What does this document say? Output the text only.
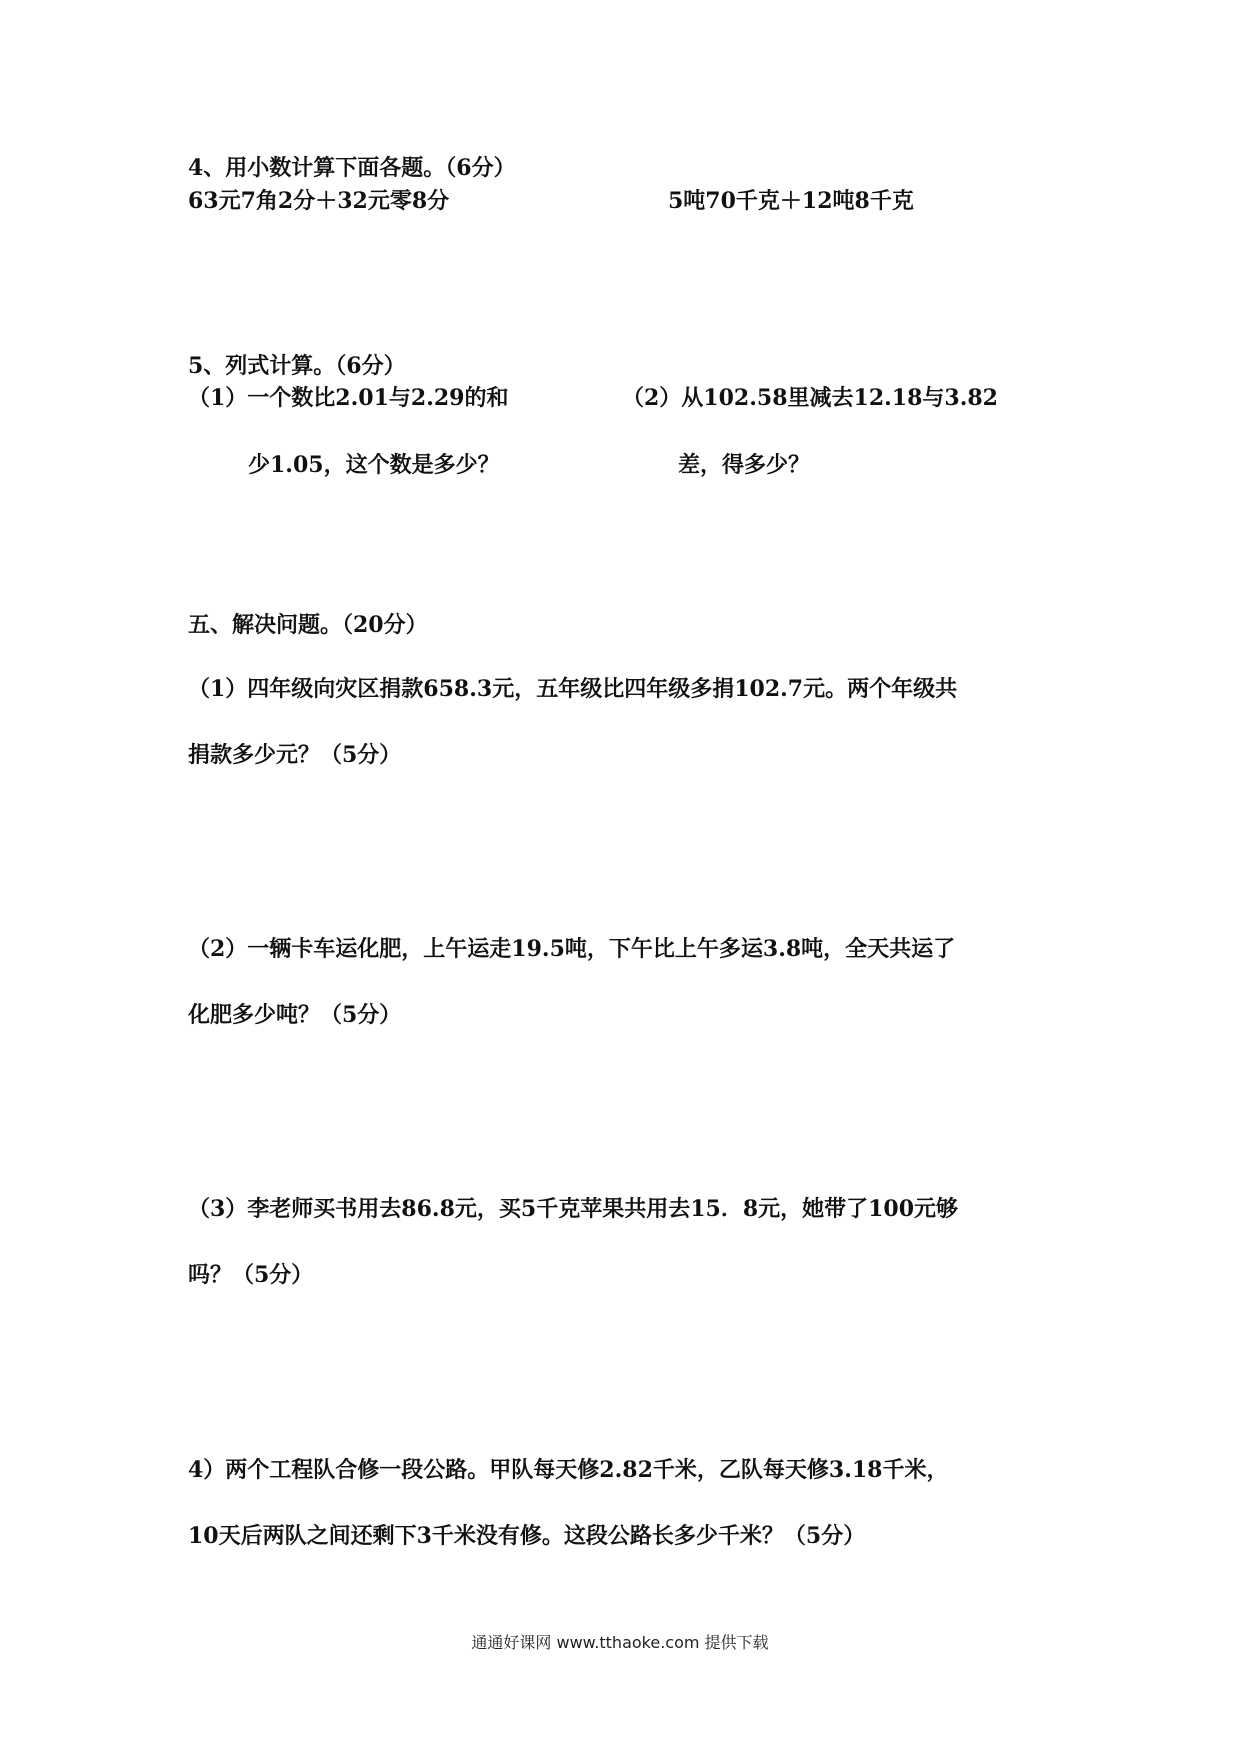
4、用小数计算下面各题。（6分）
63元7角2分＋32元零8分	5吨70千克＋12吨8千克
5、列式计算。（6分）
（1）一个数比2.01与2.29的和	（2）从102.58里减去12.18与3.82
少1.05，这个数是多少？	差，得多少？
五、解决问题。（20分）
（1）四年级向灾区捐款658.3元，五年级比四年级多捐102.7元。两个年级共
捐款多少元？（5分）
（2）一辆卡车运化肥，上午运走19.5吨，下午比上午多运3.8吨，全天共运了
化肥多少吨？（5分）
（3）李老师买书用去86.8元，买5千克苹果共用去15．8元，她带了100元够
吗？（5分）
4）两个工程队合修一段公路。甲队每天修2.82千米，乙队每天修3.18千米，
10天后两队之间还剩下3千米没有修。这段公路长多少千米？（5分）
通通好课网 www.tthaoke.com 提供下载
